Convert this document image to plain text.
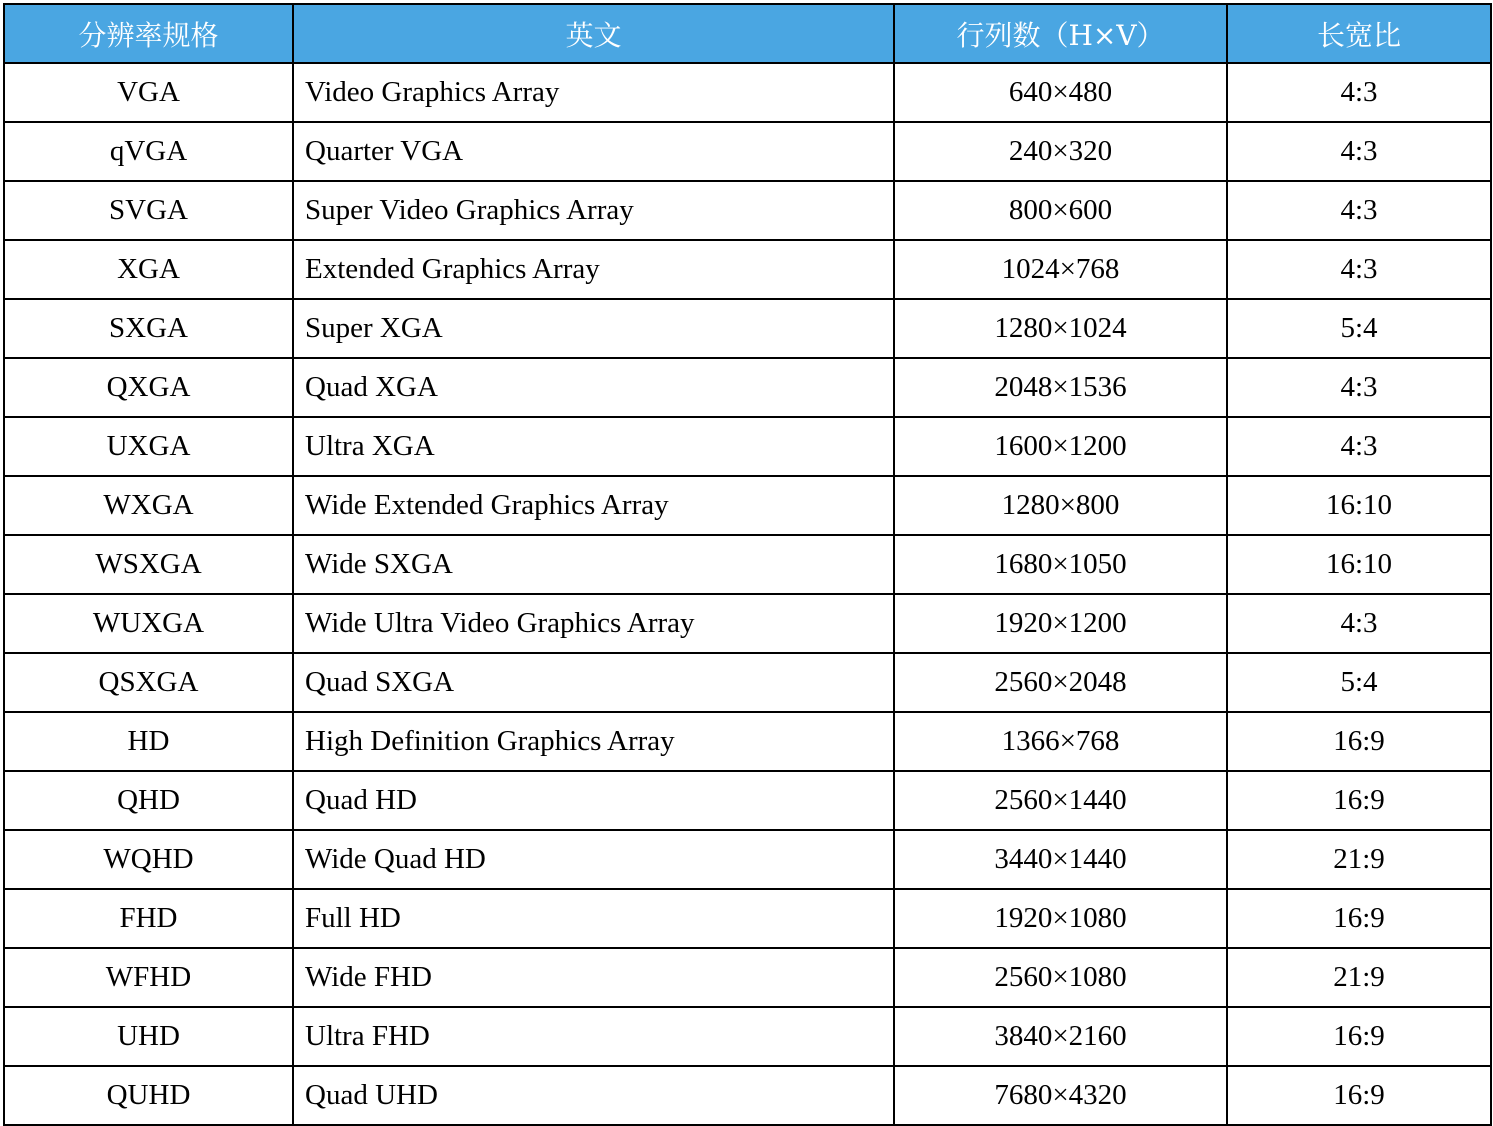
分辨率规格	英文	行列数（H×V）	长宽比
VGA	Video Graphics Array	640×480	4:3
qVGA	Quarter VGA	240×320	4:3
SVGA	Super Video Graphics Array	800×600	4:3
XGA	Extended Graphics Array	1024×768	4:3
SXGA	Super XGA	1280×1024	5:4
QXGA	Quad XGA	2048×1536	4:3
UXGA	Ultra XGA	1600×1200	4:3
WXGA	Wide Extended Graphics Array	1280×800	16:10
WSXGA	Wide SXGA	1680×1050	16:10
WUXGA	Wide Ultra Video Graphics Array	1920×1200	4:3
QSXGA	Quad SXGA	2560×2048	5:4
HD	High Definition Graphics Array	1366×768	16:9
QHD	Quad HD	2560×1440	16:9
WQHD	Wide Quad HD	3440×1440	21:9
FHD	Full HD	1920×1080	16:9
WFHD	Wide FHD	2560×1080	21:9
UHD	Ultra FHD	3840×2160	16:9
QUHD	Quad UHD	7680×4320	16:9
